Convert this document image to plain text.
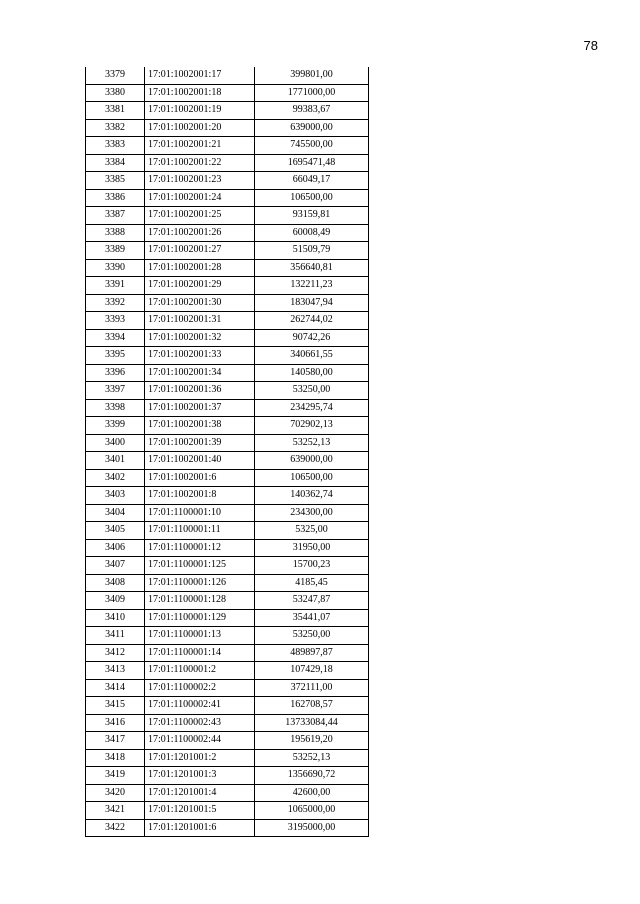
78
3379	17:01:1002001:17	399801,00
3380	17:01:1002001:18	1771000,00
3381	17:01:1002001:19	99383,67
3382	17:01:1002001:20	639000,00
3383	17:01:1002001:21	745500,00
3384	17:01:1002001:22	1695471,48
3385	17:01:1002001:23	66049,17
3386	17:01:1002001:24	106500,00
3387	17:01:1002001:25	93159,81
3388	17:01:1002001:26	60008,49
3389	17:01:1002001:27	51509,79
3390	17:01:1002001:28	356640,81
3391	17:01:1002001:29	132211,23
3392	17:01:1002001:30	183047,94
3393	17:01:1002001:31	262744,02
3394	17:01:1002001:32	90742,26
3395	17:01:1002001:33	340661,55
3396	17:01:1002001:34	140580,00
3397	17:01:1002001:36	53250,00
3398	17:01:1002001:37	234295,74
3399	17:01:1002001:38	702902,13
3400	17:01:1002001:39	53252,13
3401	17:01:1002001:40	639000,00
3402	17:01:1002001:6	106500,00
3403	17:01:1002001:8	140362,74
3404	17:01:1100001:10	234300,00
3405	17:01:1100001:11	5325,00
3406	17:01:1100001:12	31950,00
3407	17:01:1100001:125	15700,23
3408	17:01:1100001:126	4185,45
3409	17:01:1100001:128	53247,87
3410	17:01:1100001:129	35441,07
3411	17:01:1100001:13	53250,00
3412	17:01:1100001:14	489897,87
3413	17:01:1100001:2	107429,18
3414	17:01:1100002:2	372111,00
3415	17:01:1100002:41	162708,57
3416	17:01:1100002:43	13733084,44
3417	17:01:1100002:44	195619,20
3418	17:01:1201001:2	53252,13
3419	17:01:1201001:3	1356690,72
3420	17:01:1201001:4	42600,00
3421	17:01:1201001:5	1065000,00
3422	17:01:1201001:6	3195000,00
